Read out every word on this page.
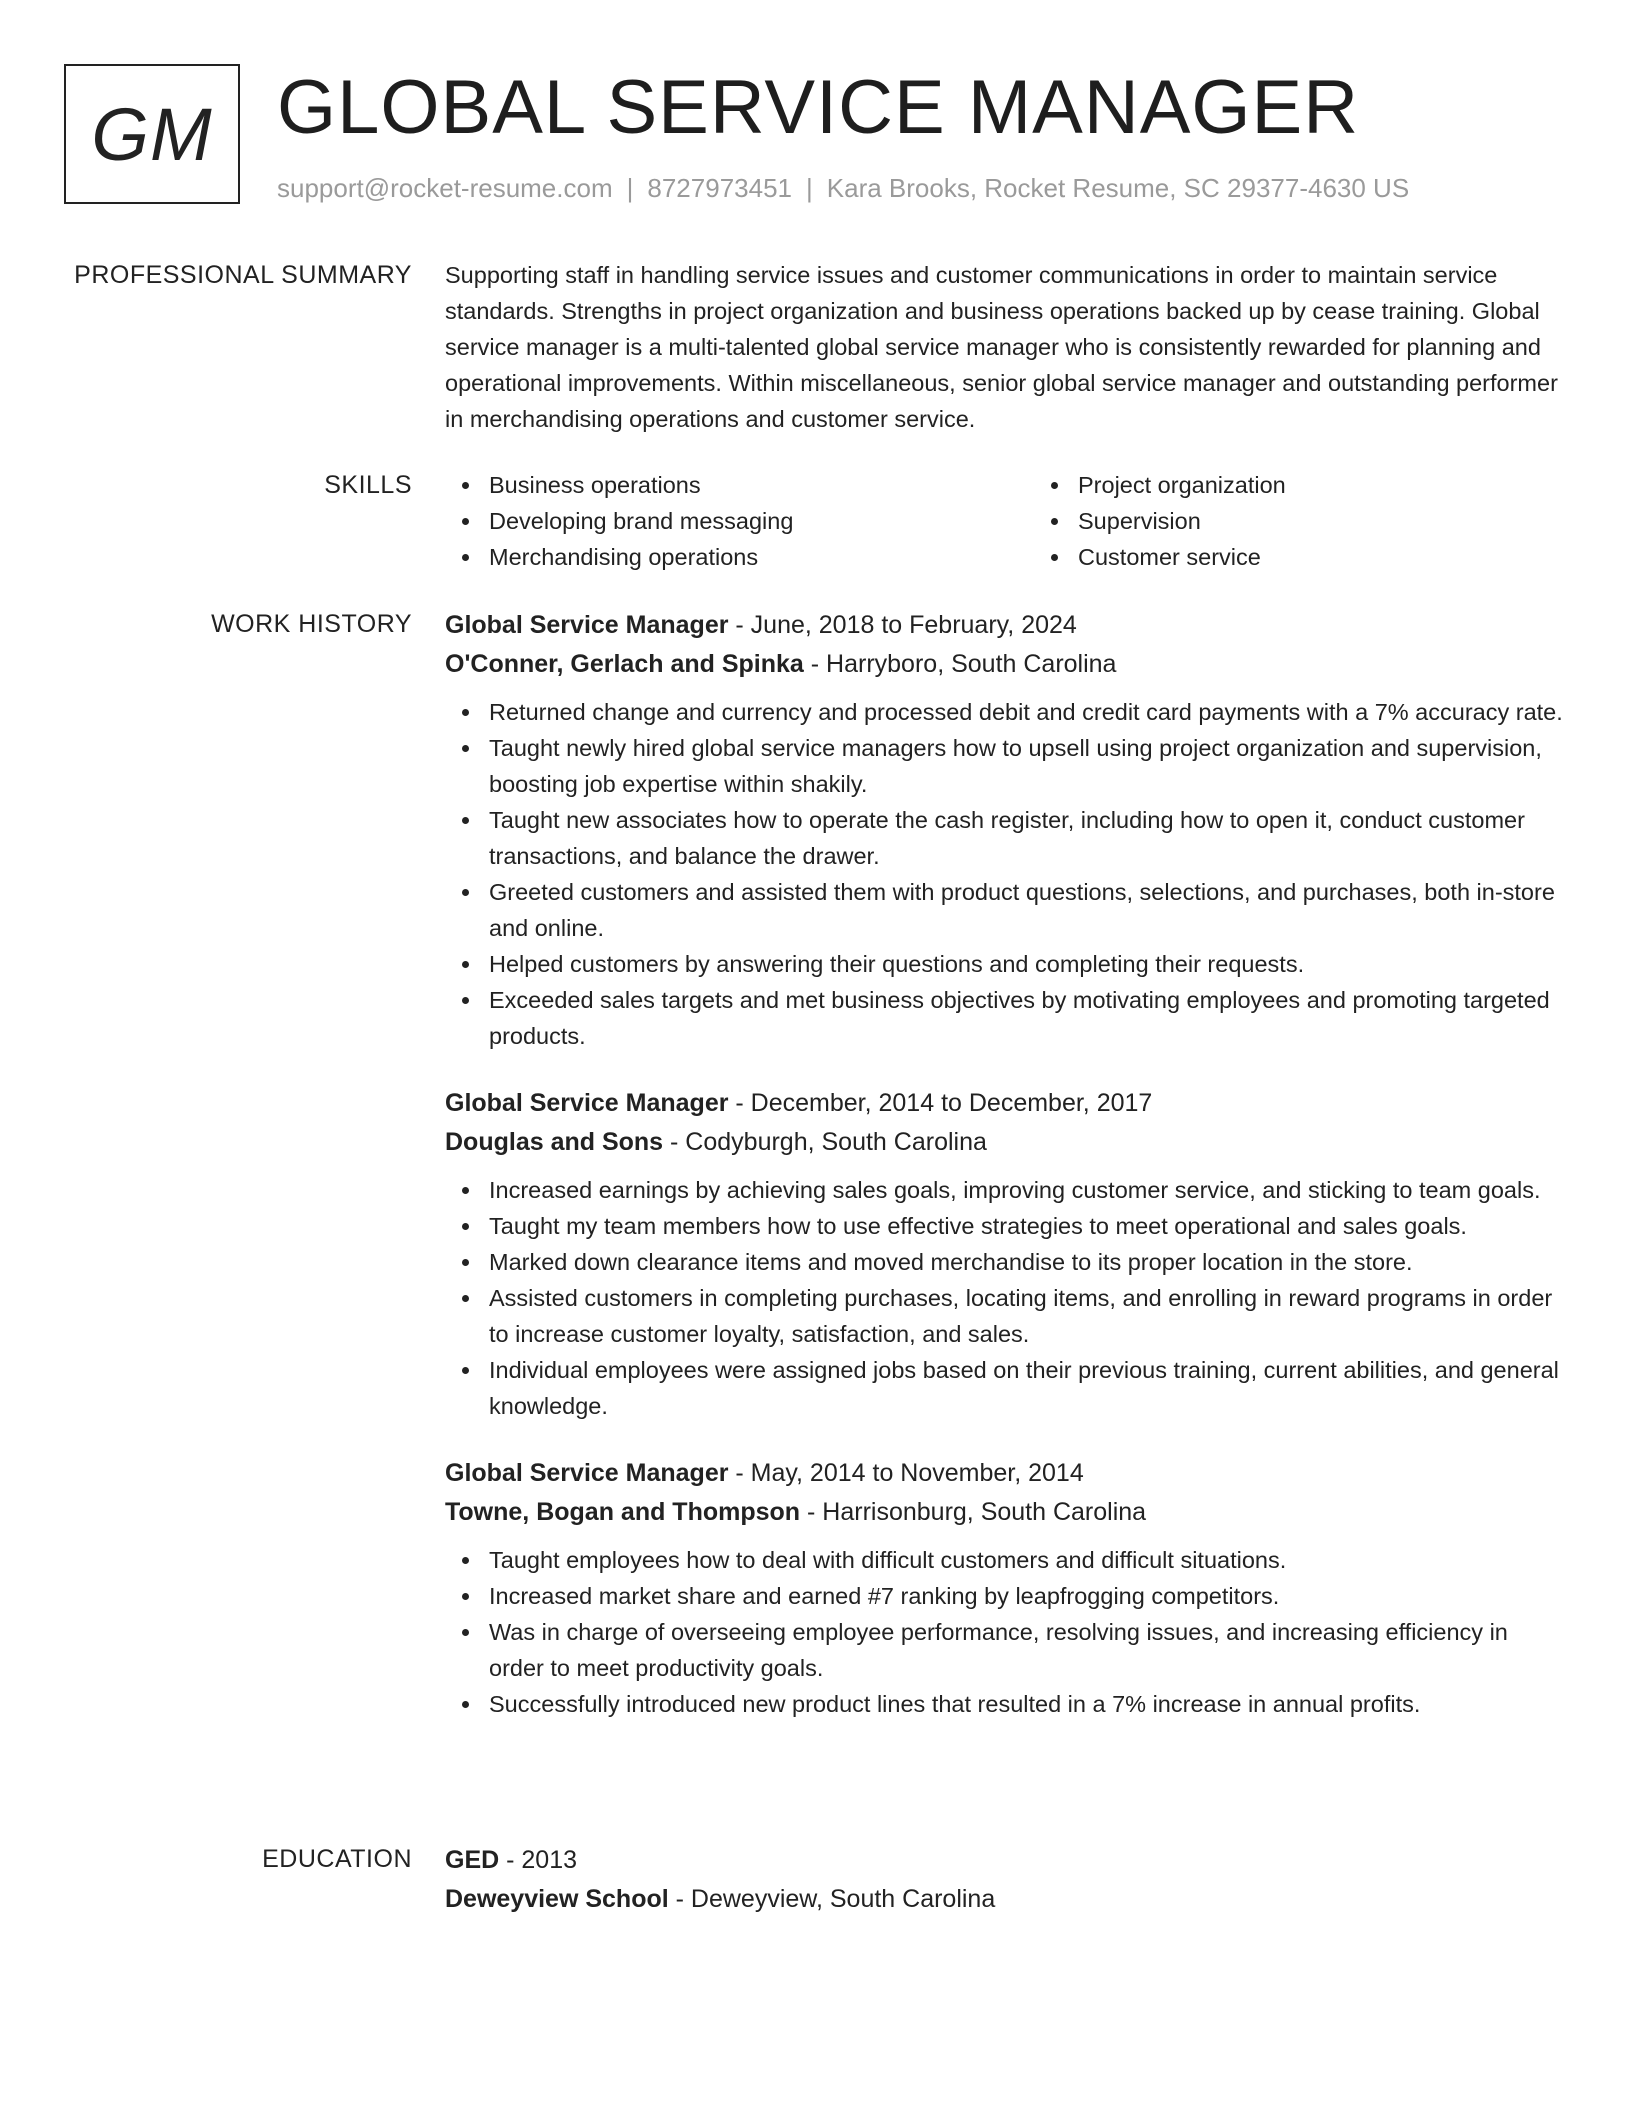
GM GLOBAL SERVICE MANAGER
support@rocket-resume.com | 8727973451 | Kara Brooks, Rocket Resume, SC 29377-4630 US
PROFESSIONAL SUMMARY Supporting staff in handling service issues and customer communications in order to maintain service standards. Strengths in project organization and business operations backed up by cease training. Global service manager is a multi-talented global service manager who is consistently rewarded for planning and operational improvements. Within miscellaneous, senior global service manager and outstanding performer in merchandising operations and customer service.

SKILLS	Business operations
Developing brand messaging
Merchandising operations
Project organization
Supervision
Customer service
WORK HISTORY Global Service Manager - June, 2018 to February, 2024
O'Conner, Gerlach and Spinka - Harryboro, South Carolina
Returned change and currency and processed debit and credit card payments with a 7% accuracy rate.
Taught newly hired global service managers how to upsell using project organization and supervision, boosting job expertise within shakily.
Taught new associates how to operate the cash register, including how to open it, conduct customer transactions, and balance the drawer.
Greeted customers and assisted them with product questions, selections, and purchases, both in-store and online.
Helped customers by answering their questions and completing their requests.
Exceeded sales targets and met business objectives by motivating employees and promoting targeted products.
Global Service Manager - December, 2014 to December, 2017
Douglas and Sons - Codyburgh, South Carolina
Increased earnings by achieving sales goals, improving customer service, and sticking to team goals.
Taught my team members how to use effective strategies to meet operational and sales goals.
Marked down clearance items and moved merchandise to its proper location in the store.
Assisted customers in completing purchases, locating items, and enrolling in reward programs in order to increase customer loyalty, satisfaction, and sales.
Individual employees were assigned jobs based on their previous training, current abilities, and general knowledge.
Global Service Manager - May, 2014 to November, 2014
Towne, Bogan and Thompson - Harrisonburg, South Carolina
Taught employees how to deal with difficult customers and difficult situations.
Increased market share and earned #7 ranking by leapfrogging competitors.
Was in charge of overseeing employee performance, resolving issues, and increasing efficiency in order to meet productivity goals.
Successfully introduced new product lines that resulted in a 7% increase in annual profits.
EDUCATION GED - 2013
Deweyview School - Deweyview, South Carolina
